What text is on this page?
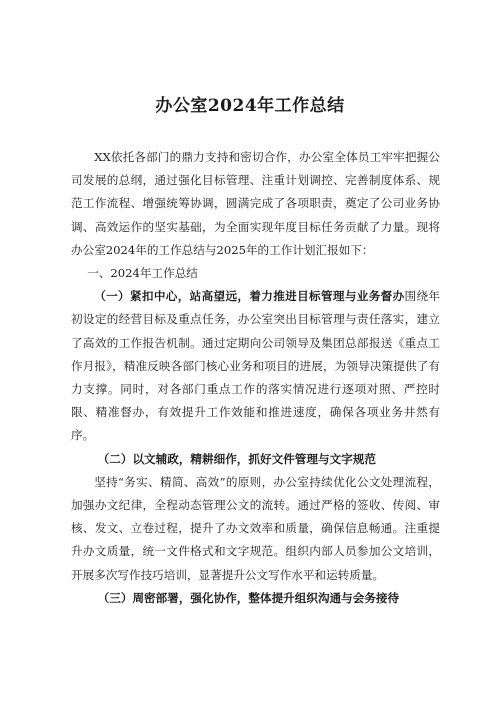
办公室2024年工作总结

XX依托各部门的鼎力支持和密切合作，办公室全体员工牢牢把握公司发展的总纲，通过强化目标管理、注重计划调控、完善制度体系、规范工作流程、增强统筹协调，圆满完成了各项职责，奠定了公司业务协调、高效运作的坚实基础，为全面实现年度目标任务贡献了力量。现将办公室2024年的工作总结与2025年的工作计划汇报如下：

一、2024年工作总结

（一）紧扣中心，站高望远，着力推进目标管理与业务督办围绕年初设定的经营目标及重点任务，办公室突出目标管理与责任落实，建立了高效的工作报告机制。通过定期向公司领导及集团总部报送《重点工作月报》，精准反映各部门核心业务和项目的进展，为领导决策提供了有力支撑。同时，对各部门重点工作的落实情况进行逐项对照、严控时限、精准督办，有效提升工作效能和推进速度，确保各项业务井然有序。

（二）以文辅政，精耕细作，抓好文件管理与文字规范

坚持“务实、精简、高效”的原则，办公室持续优化公文处理流程，加强办文纪律，全程动态管理公文的流转。通过严格的签收、传阅、审核、发文、立卷过程，提升了办文效率和质量，确保信息畅通。注重提升办文质量，统一文件格式和文字规范。组织内部人员参加公文培训，开展多次写作技巧培训，显著提升公文写作水平和运转质量。

（三）周密部署，强化协作，整体提升组织沟通与会务接待
